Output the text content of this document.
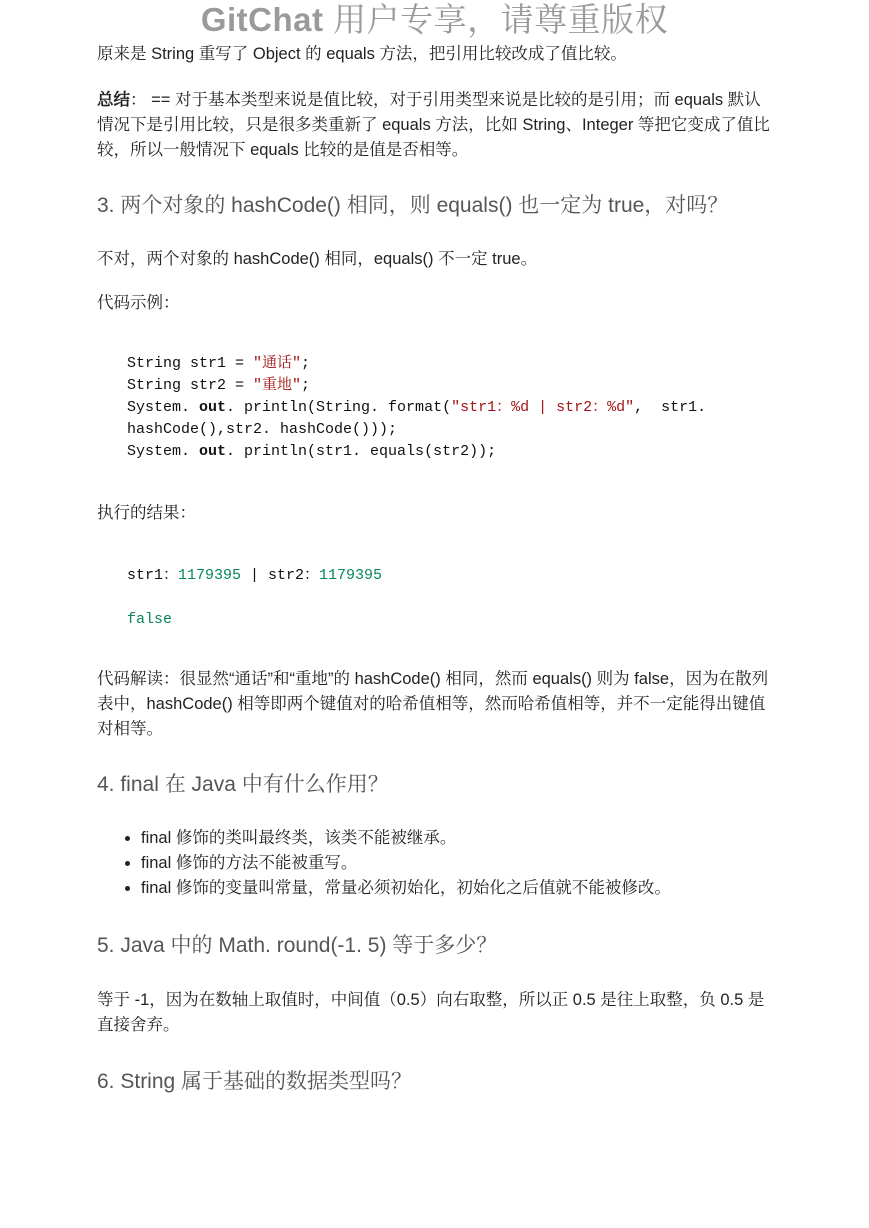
GitChat 用户专享，请尊重版权

原来是 String 重写了 Object 的 equals 方法，把引用比较改成了值比较。

总结： == 对于基本类型来说是值比较，对于引用类型来说是比较的是引用；而 equals 默认情况下是引用比较，只是很多类重新了 equals 方法，比如 String、Integer 等把它变成了值比较，所以一般情况下 equals 比较的是值是否相等。

3. 两个对象的 hashCode() 相同，则 equals() 也一定为 true，对吗？

不对，两个对象的 hashCode() 相同，equals() 不一定 true。

代码示例：

String str1 = "通话";
String str2 = "重地";
System. out. println(String. format("str1：%d | str2：%d",  str1.
hashCode(),str2. hashCode()));
System. out. println(str1. equals(str2));

执行的结果：

str1：1179395 | str2：1179395
false

代码解读：很显然“通话”和“重地”的 hashCode() 相同，然而 equals() 则为 false，因为在散列表中，hashCode() 相等即两个键值对的哈希值相等，然而哈希值相等，并不一定能得出键值对相等。

4. final 在 Java 中有什么作用？
• final 修饰的类叫最终类，该类不能被继承。
• final 修饰的方法不能被重写。
• final 修饰的变量叫常量，常量必须初始化，初始化之后值就不能被修改。
5. Java 中的 Math. round(-1. 5) 等于多少？

等于 -1，因为在数轴上取值时，中间值（0.5）向右取整，所以正 0.5 是往上取整，负 0.5 是直接舍弃。

6. String 属于基础的数据类型吗？
